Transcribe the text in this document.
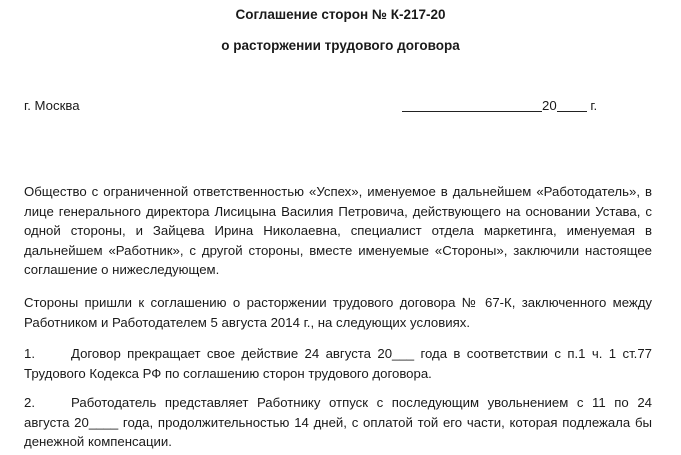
Соглашение сторон № К-217-20
о расторжении трудового договора
г. Москва	20	г.
Общество с ограниченной ответственностью «Успех», именуемое в дальнейшем «Работодатель», в лице генерального директора Лисицына Василия Петровича, действующего на основании Устава, с одной стороны, и Зайцева Ирина Николаевна, специалист отдела маркетинга, именуемая в дальнейшем «Работник», с другой стороны, вместе именуемые «Стороны», заключили настоящее соглашение о нижеследующем.
Стороны пришли к соглашению о расторжении трудового договора № 67-К, заключенного между Работником и Работодателем 5 августа 2014 г., на следующих условиях.
1.	Договор прекращает свое действие 24 августа 20___ года в соответствии с п.1 ч. 1 ст.77 Трудового Кодекса РФ по соглашению сторон трудового договора.
2.	Работодатель представляет Работнику отпуск с последующим увольнением с 11 по 24 августа 20____ года, продолжительностью 14 дней, с оплатой той его части, которая подлежала бы денежной компенсации.
